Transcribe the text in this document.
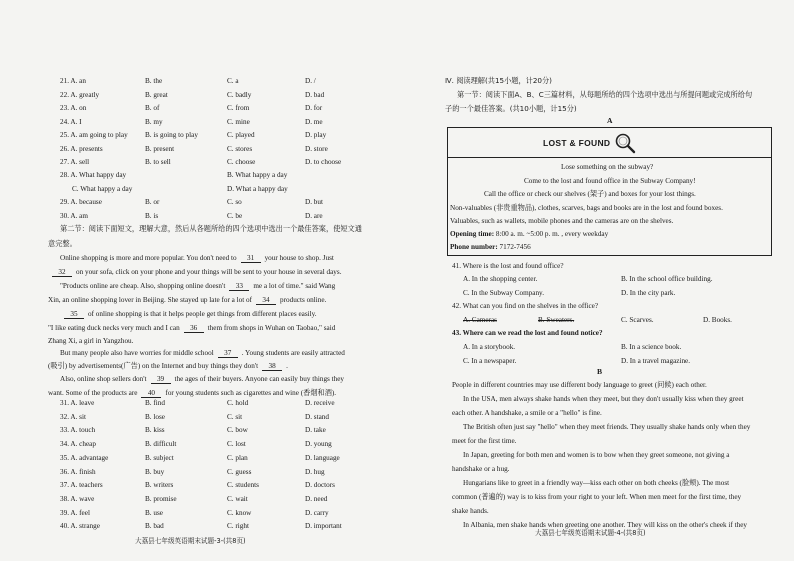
21. A. an	B. the	C. a	D. /
22. A. greatly	B. great	C. badly	D. bad
23. A. on	B. of	C. from	D. for
24. A. I	B. my	C. mine	D. me
25. A. am going to play B. is going to play	C. played	D. play
26. A. presents	B. present	C. stores	D. store
27. A. sell	B. to sell	C. choose	D. to choose
28. A. What happy day	B. What happy a day
C. What happy a day	D. What a happy day
29. A. because	B. or	C. so	D. but
30. A. am	B. is	C. be	D. are
第二节：阅读下面短文，理解大意，然后从各题所给的四个选项中选出一个最佳答案，使短文通
意完整。
Online shopping is more and more popular. You don't need to 31 your house to shop. Just
32 on your sofa, click on your phone and your things will be sent to your house in several days.
"Products online are cheap. Also, shopping online doesn't 33 me a lot of time." said Wang
Xin, an online shopping lover in Beijing. She stayed up late for a lot of 34 products online.
35 of online shopping is that it helps people get things from different places easily.
"I like eating duck necks very much and I can 36 them from shops in Wuhan on Taobao," said
Zhang Xi, a girl in Yangzhou.
But many people also have worries for middle school 37 . Young students are easily attracted
(吸引) by advertisements(广告) on the Internet and buy things they don't 38 .
Also, online shop sellers don't 39 the ages of their buyers. Anyone can easily buy things they
want. Some of the products are 40 for young students such as cigarettes and wine (香烟和酒).
31. A. leave	B. find	C. hold	D. receive
32. A. sit	B. lose	C. sit	D. stand
33. A. touch	B. kiss	C. bow	D. take
34. A. cheap	B. difficult	C. lost	D. young
35. A. advantage	B. subject	C. plan	D. language
36. A. finish	B. buy	C. guess	D. hug
37. A. teachers	B. writers	C. students	D. doctors
38. A. wave	B. promise	C. wait	D. need
39. A. feel	B. use	C. know	D. carry
40. A. strange	B. bad	C. right	D. important
大荔县七年级英语期末试题-3-(共8页)
Ⅳ. 阅读理解(共15小题，计20分)
第一节：阅读下面A、B、C三篇材料，从每题所给的四个选项中选出与所提问题或完成所给句
子的一个最佳答案。(共10小题，计15分)
A
LOST & FOUND
Lose something on the subway?
Come to the lost and found office in the Subway Company!
Call the office or check our shelves (架子) and boxes for your lost things.
Non-valuables (非贵重物品), clothes, scarves, bags and books are in the lost and found boxes.
Valuables, such as wallets, mobile phones and the cameras are on the shelves.
Opening time: 8:00 a. m. ~5:00 p. m. , every weekday
Phone number: 7172-7456
41. Where is the lost and found office?
A. In the shopping center.	B. In the school office building.
C. In the Subway Company.	D. In the city park.
42. What can you find on the shelves in the office?
A. Cameras	B. Sweaters.	C. Scarves.	D. Books.
43. Where can we read the lost and found notice?
A. In a storybook.	B. In a science book.
C. In a newspaper.	D. In a travel magazine.
B
People in different countries may use different body language to greet (问候) each other.
In the USA, men always shake hands when they meet, but they don't usually kiss when they greet
each other. A handshake, a smile or a "hello" is fine.
The British often just say "hello" when they meet friends. They usually shake hands only when they
meet for the first time.
In Japan, greeting for both men and women is to bow when they greet someone, not giving a
handshake or a hug.
Hungarians like to greet in a friendly way—kiss each other on both cheeks (脸颊). The most
common (普遍的) way is to kiss from your right to your left. When men meet for the first time, they
shake hands.
In Albania, men shake hands when greeting one another. They will kiss on the other's cheek if they
大荔县七年级英语期末试题-4-(共8页)
